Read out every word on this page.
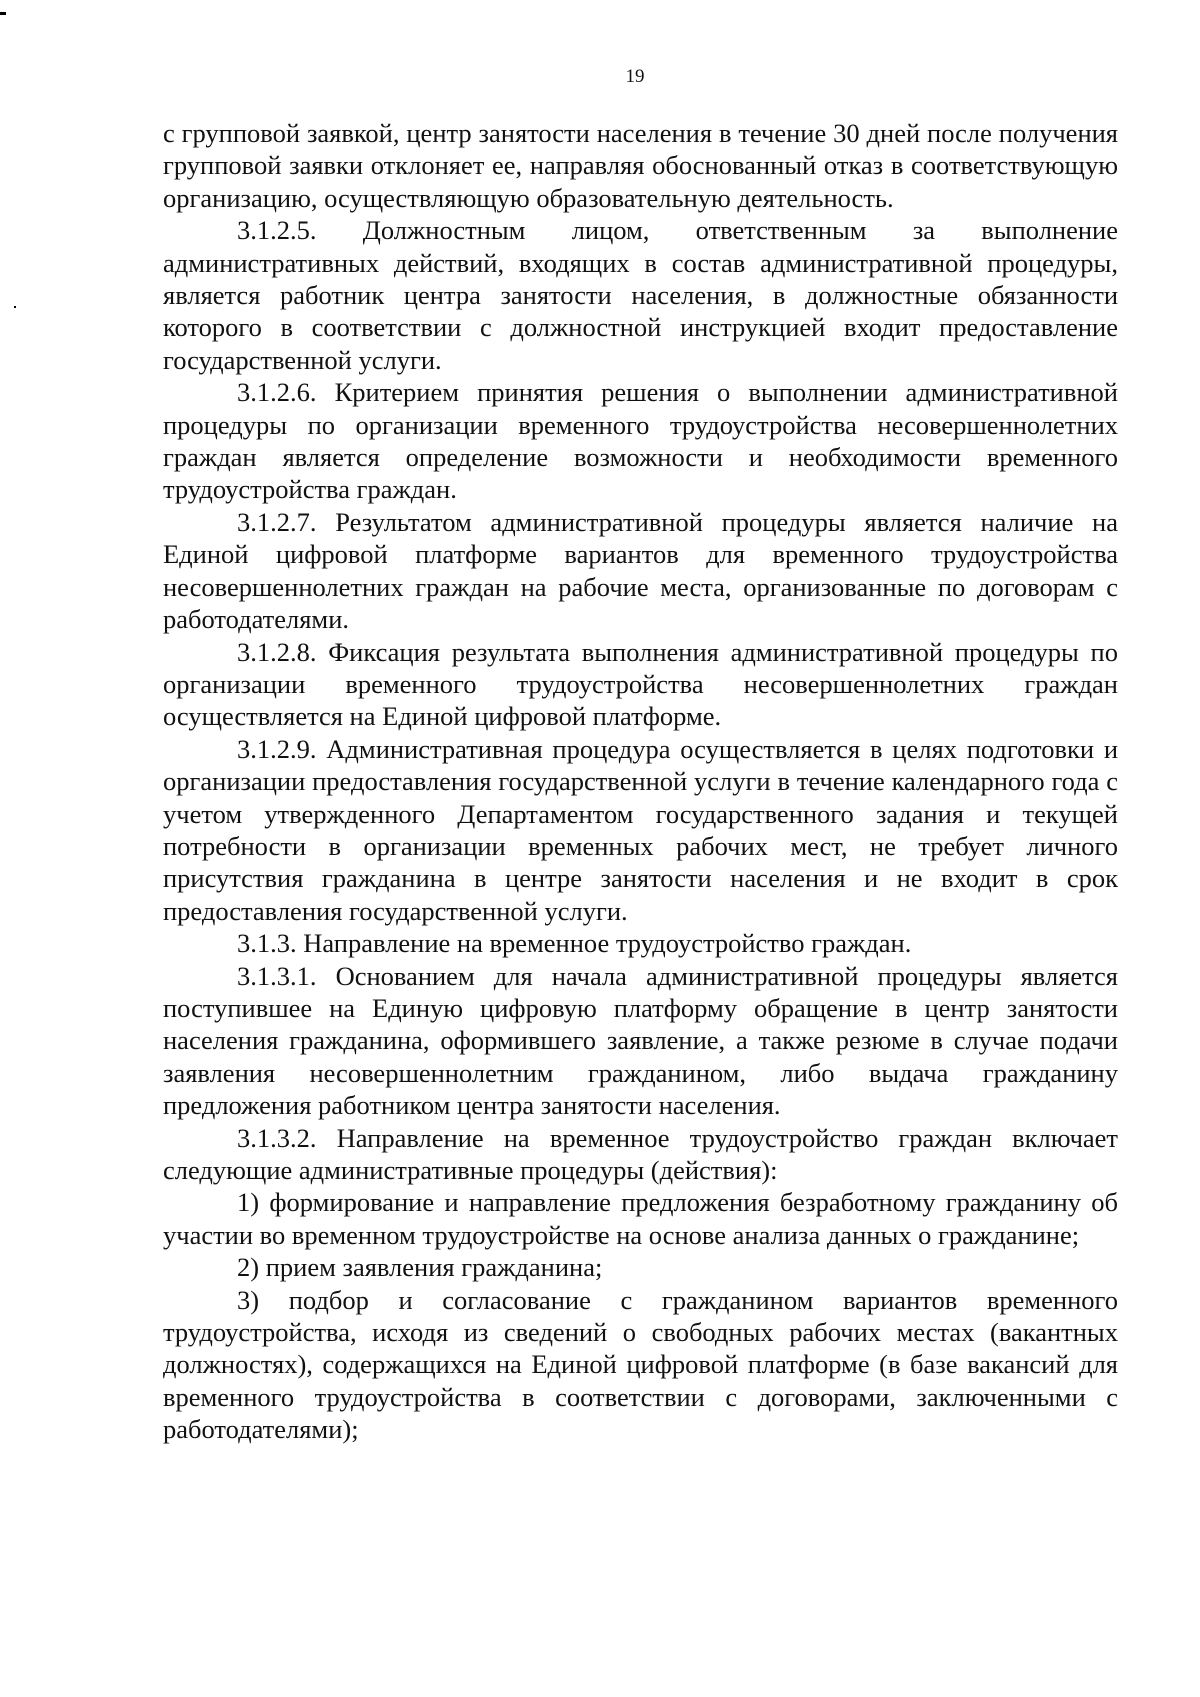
19

с групповой заявкой, центр занятости населения в течение 30 дней после получения групповой заявки отклоняет ее, направляя обоснованный отказ в соответствующую организацию, осуществляющую образовательную деятельность.

3.1.2.5. Должностным лицом, ответственным за выполнение административных действий, входящих в состав административной процедуры, является работник центра занятости населения, в должностные обязанности которого в соответствии с должностной инструкцией входит предоставление государственной услуги.

3.1.2.6. Критерием принятия решения о выполнении административной процедуры по организации временного трудоустройства несовершеннолетних граждан является определение возможности и необходимости временного трудоустройства граждан.

3.1.2.7. Результатом административной процедуры является наличие на Единой цифровой платформе вариантов для временного трудоустройства несовершеннолетних граждан на рабочие места, организованные по договорам с работодателями.

3.1.2.8. Фиксация результата выполнения административной процедуры по организации временного трудоустройства несовершеннолетних граждан осуществляется на Единой цифровой платформе.

3.1.2.9. Административная процедура осуществляется в целях подготовки и организации предоставления государственной услуги в течение календарного года с учетом утвержденного Департаментом государственного задания и текущей потребности в организации временных рабочих мест, не требует личного присутствия гражданина в центре занятости населения и не входит в срок предоставления государственной услуги.

3.1.3. Направление на временное трудоустройство граждан.

3.1.3.1. Основанием для начала административной процедуры является поступившее на Единую цифровую платформу обращение в центр занятости населения гражданина, оформившего заявление, а также резюме в случае подачи заявления несовершеннолетним гражданином, либо выдача гражданину предложения работником центра занятости населения.

3.1.3.2. Направление на временное трудоустройство граждан включает следующие административные процедуры (действия):

1) формирование и направление предложения безработному гражданину об участии во временном трудоустройстве на основе анализа данных о гражданине;

2) прием заявления гражданина;

3) подбор и согласование с гражданином вариантов временного трудоустройства, исходя из сведений о свободных рабочих местах (вакантных должностях), содержащихся на Единой цифровой платформе (в базе вакансий для временного трудоустройства в соответствии с договорами, заключенными с работодателями);
